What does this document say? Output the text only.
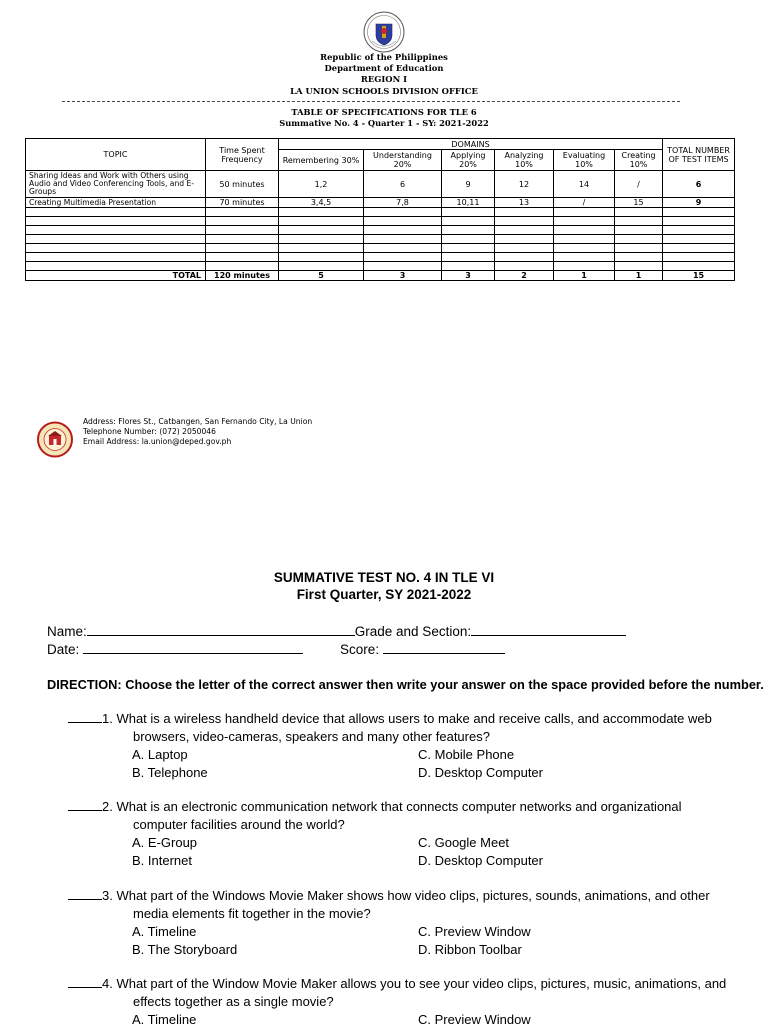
Republic of the Philippines
Department of Education
REGION I
LA UNION SCHOOLS DIVISION OFFICE
TABLE OF SPECIFICATIONS FOR TLE 6
Summative No. 4 - Quarter 1 - SY: 2021-2022
TOPIC	Time Spent Frequency	DOMAINS						TOTAL NUMBER OF TEST ITEMS
		Remembering 30%	Understanding 20%	Applying 20%	Analyzing 10%	Evaluating 10%	Creating 10%	
Sharing Ideas and Work with Others using Audio and Video Conferencing Tools, and E-Groups	50 minutes	1,2	6	9	12	14	/	6
Creating Multimedia Presentation	70 minutes	3,4,5	7,8	10,11	13	/	15	9

TOTAL	120 minutes	5	3	3	2	1	1	15
Address: Flores St., Catbangen, San Fernando City, La Union
Telephone Number: (072) 2050046
Email Address: la.union@deped.gov.ph
SUMMATIVE TEST NO. 4 IN TLE VI
First Quarter, SY 2021-2022
Name:	Grade and Section:
Date:	Score:
DIRECTION: Choose the letter of the correct answer then write your answer on the space provided before the number.
1. What is a wireless handheld device that allows users to make and receive calls, and accommodate web
browsers, video-cameras, speakers and many other features?
A. Laptop	C. Mobile Phone
B. Telephone	D. Desktop Computer
2. What is an electronic communication network that connects computer networks and organizational
computer facilities around the world?
A. E-Group	C. Google Meet
B. Internet	D. Desktop Computer
3. What part of the Windows Movie Maker shows how video clips, pictures, sounds, animations, and other
media elements fit together in the movie?
A. Timeline	C. Preview Window
B. The Storyboard	D. Ribbon Toolbar
4. What part of the Window Movie Maker allows you to see your video clips, pictures, music, animations, and
effects together as a single movie?
A. Timeline	C. Preview Window
